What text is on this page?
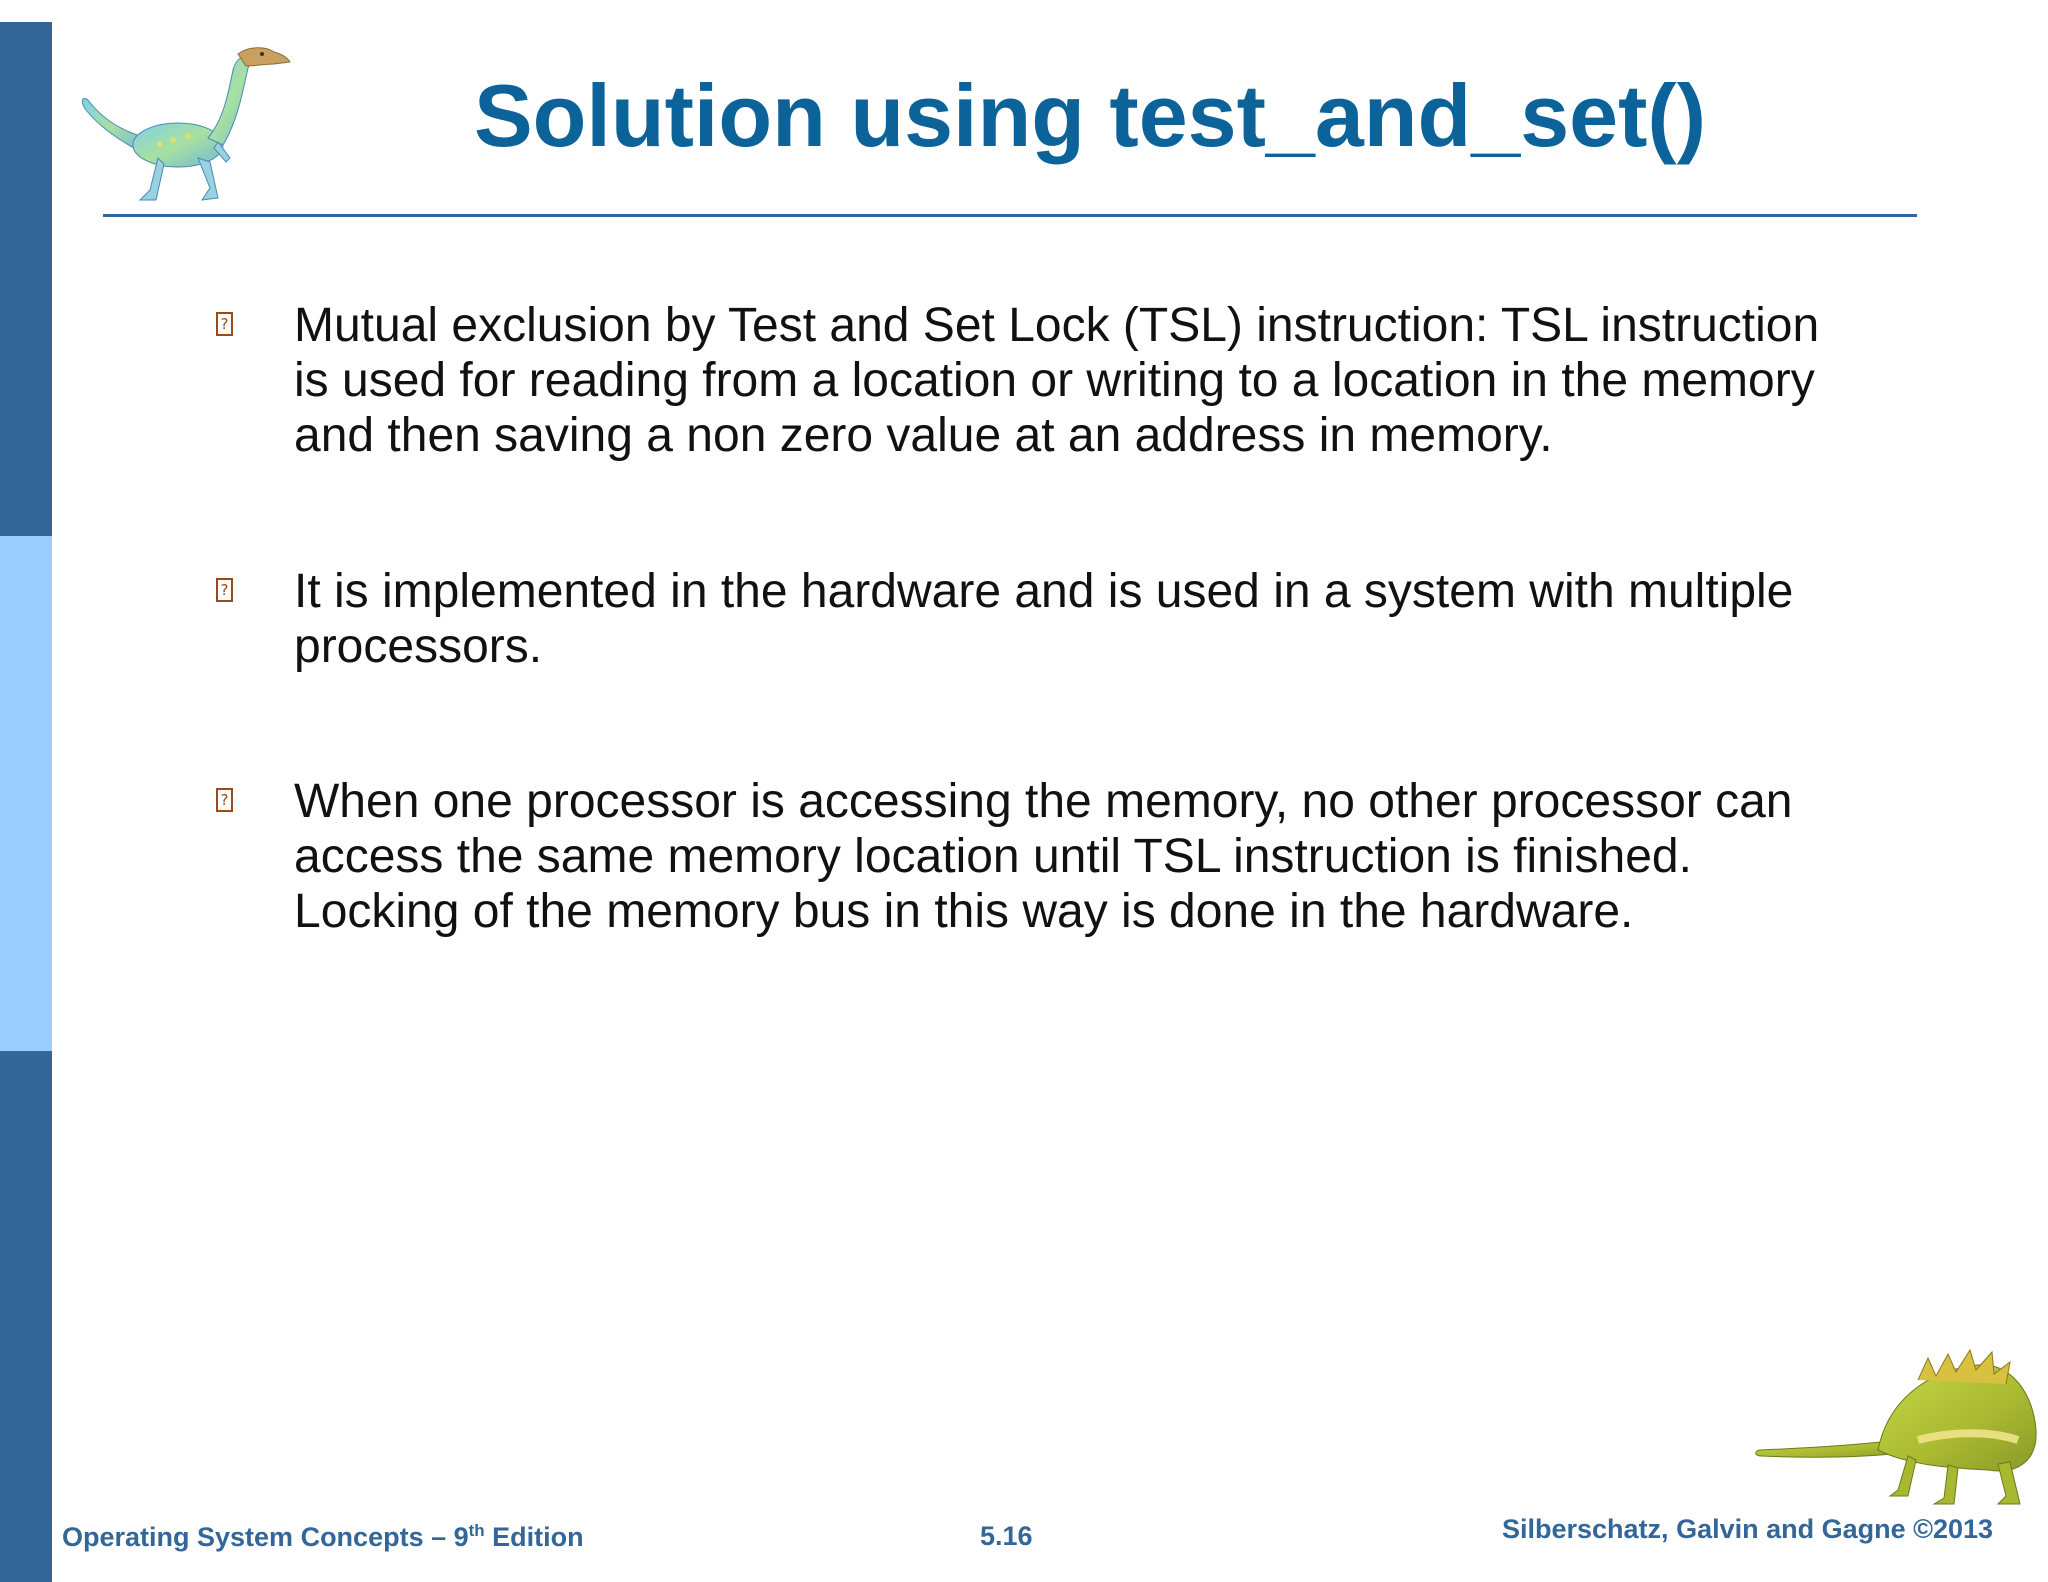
Solution using test_and_set()
? Mutual exclusion by Test and Set Lock (TSL) instruction: TSL instruction
is used for reading from a location or writing to a location in the memory
and then saving a non zero value at an address in memory.
? It is implemented in the hardware and is used in a system with multiple
processors.
? When one processor is accessing the memory, no other processor can
access the same memory location until TSL instruction is finished.
Locking of the memory bus in this way is done in the hardware.
Operating System Concepts – 9th Edition	5.16	Silberschatz, Galvin and Gagne ©2013
